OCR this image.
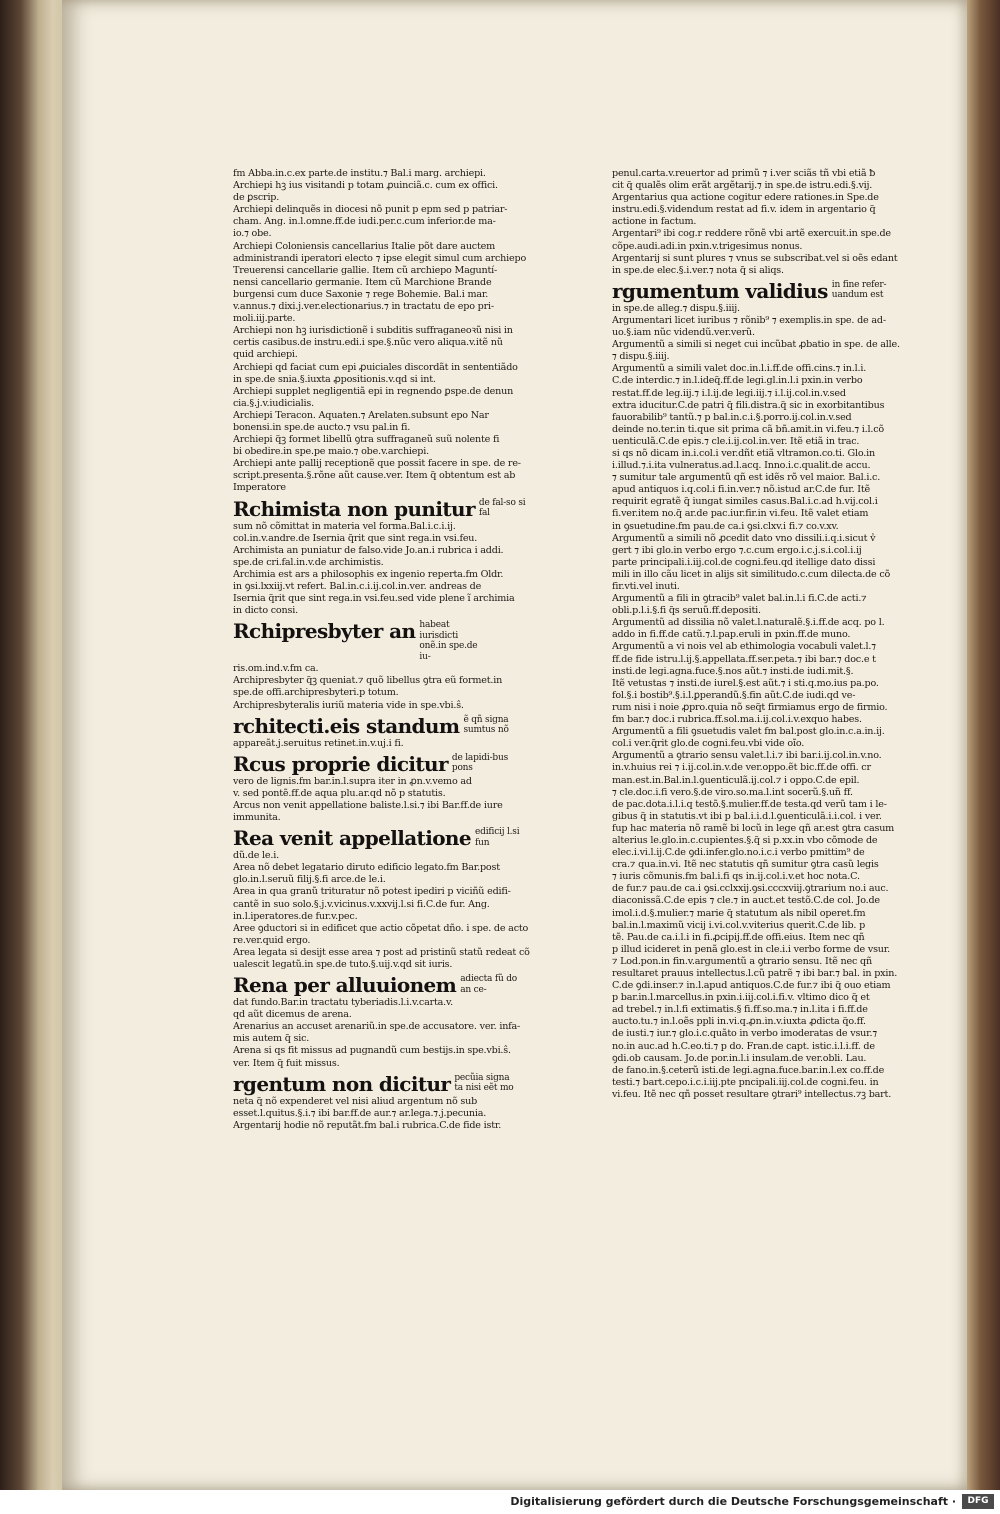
fm Abba.in.c.ex parte.de institu.⁊ Bal.i marg. archiepi.
Archiepi hꝫ ius visitandi p totam ꝓuinciã.c. cum ex offici.
de ꝑscrip.
Archiepi delinquẽs in diocesi nõ punit p epm sed p patriar-
cham. Ang. in.l.omne.ff.de iudi.per.c.cum inferior.de ma-
io.⁊ obe.
Archiepi Coloniensis cancellarius Italie põt dare auctem
administrandi iperatori electo ⁊ ipse elegit simul cum archiepo
Treuerensi cancellarie gallie. Item cũ archiepo Maguntí-
nensi cancellario germanie. Item cũ Marchione Brande
burgensi cum duce Saxonie ⁊ rege Bohemie. Bal.i mar.
v.annus.⁊ dixi.j.ver.electionarius.⁊ in tractatu de epo pri-
moli.iij.parte.
Archiepi non hꝫ iurisdictionẽ i subditis suffraganeoꝛũ nisi in
certis casibus.de instru.edi.i spe.§.nũc vero aliqua.v.itẽ nũ
quid archiepi.
Archiepi qd faciat cum epi ꝓuiciales discordãt in sententiãdo
in spe.de snia.§.iuxta ꝓpositionis.v.qd si int.
Archiepi supplet negligentiã epi in regnendo ꝑspe.de denun
cia.§.j.v.iudicialis.
Archiepi Teracon. Aquaten.⁊ Arelaten.subsunt epo Nar
bonensi.in spe.de aucto.⁊ vsu pal.in fi.
Archiepi q̃ꝫ formet libellũ ꝯtra suffraganeũ suũ nolente fi
bi obedire.in spe.pe maio.⁊ obe.v.archiepi.
Archiepi ante pallij receptionẽ que possit facere in spe. de re-
script.presenta.§.rõne aũt cause.ver. Item q̃ obtentum est ab
Imperatore
Rchimista non punitur de fal-so si fal
sum nõ cõmittat in materia vel forma.Bal.i.c.i.ij.
col.in.v.andre.de Isernia q̃rit que sint rega.in vsi.feu.
Archimista an puniatur de falso.vide Jo.an.i rubrica i addi.
spe.de cri.fal.in.v.de archimistis.
Archimia est ars a philosophis ex ingenio reperta.fm Oldr.
in ꝯsi.lxxiij.vt refert. Bal.in.c.i.ij.col.in.ver. andreas de
Isernia q̃rit que sint rega.in vsi.feu.sed vide plene ĩ archimia
in dicto consi.
Rchipresbyter an habeat iurisdicti onẽ.in spe.de iu-
ris.om.ind.v.fm ca.
Archipresbyter q̃ꝫ queniat.⁊ quõ libellus ꝯtra eũ formet.in
spe.de offi.archipresbyteri.p totum.
Archipresbyteralis iuriũ materia vide in spe.vbi.ŝ.
rchitecti.eis standum ẽ qñ signa sumtus nõ
appareãt.j.seruitus retinet.in.v.uj.i fi.
Rcus proprie dicitur de lapidi-bus pons
vero de lignis.fm bar.in.l.supra iter in ꝓn.v.vemo ad
v. sed pontẽ.ff.de aqua plu.ar.qd nõ p statutis.
Arcus non venit appellatione baliste.l.si.⁊ ibi Bar.ff.de iure
immunita.
Rea venit appellatione edificij l.si fun
dũ.de le.i.
Area nõ debet legatario diruto edificio legato.fm Bar.post
glo.in.l.seruũ filij.§.fi arce.de le.i.
Area in qua granũ trituratur nõ potest ipediri p viciñũ edifi-
cantẽ in suo solo.§.j.v.vicinus.v.xxvij.l.si fi.C.de fur. Ang.
in.l.iperatores.de fur.v.pec.
Aree ꝯductori si in edificet que actio cõpetat dño. i spe. de acto
re.ver.quid ergo.
Area legata si desijt esse area ⁊ post ad pristinũ statũ redeat cõ
ualescit legatũ.in spe.de tuto.§.uij.v.qd sit iuris.
Rena per alluuionem adiecta fũ do an ce-
dat fundo.Bar.in tractatu tyberiadis.l.i.v.carta.v.
qd aũt dicemus de arena.
Arenarius an accuset arenariũ.in spe.de accusatore. ver. infa-
mis autem q̃ sic.
Arena si qs fit missus ad pugnandũ cum bestijs.in spe.vbi.ŝ.
ver. Item q̃ fuit missus.
rgentum non dicitur pecũia signa ta nisi eẽt mo
neta q̃ nõ expenderet vel nisi aliud argentum nõ sub
esset.l.quitus.§.i.⁊ ibi bar.ff.de aur.⁊ ar.lega.⁊.j.pecunia.
Argentarij hodie nõ reputãt.fm bal.i rubrica.C.de fide istr.
penul.carta.v.reuertor ad primũ ⁊ i.ver sciãs tñ vbi etiã ƀ
cit q̃ qualẽs olim erãt argẽtarij.⁊ in spe.de istru.edi.§.vij.
Argentarius qua actione cogitur edere rationes.in Spe.de
instru.edi.§.videndum restat ad fi.v. idem in argentario q̃
actione in factum.
Argentari⁹ ibi cog.r reddere rõnẽ vbi artẽ exercuit.in spe.de
cõpe.audi.adi.in pxin.v.trigesimus nonus.
Argentarij si sunt plures ⁊ vnus se subscribat.vel si oẽs edant
in spe.de elec.§.i.ver.⁊ nota q̃ si aliqs.
rgumentum validius in fine refer-uandum est
in spe.de alleg.⁊ dispu.§.iiij.
Argumentari licet iuribus ⁊ rõnib⁹ ⁊ exemplis.in spe. de ad-
uo.§.iam nũc videndũ.ver.verũ.
Argumentũ a simili si neget cui incũbat ꝓbatio in spe. de alle.
⁊ dispu.§.iiij.
Argumentũ a simili valet doc.in.l.i.ff.de offi.cins.⁊ in.l.i.
C.de interdic.⁊ in.l.ideq̃.ff.de legi.gl.in.l.i pxin.in verbo
restat.ff.de leg.iij.⁊ i.l.ij.de legi.iij.⁊ i.l.ij.col.in.v.sed
extra iducitur.C.de patri q̃ fili.distra.q̃ sic in exorbitantibus
fauorabilib⁹ tantũ.⁊ p bal.in.c.i.§.porro.ij.col.in.v.sed
deinde no.ter.in ti.que sit prima cã bñ.amit.in vi.feu.⁊ i.l.cõ
uenticulã.C.de epis.⁊ cle.i.ij.col.in.ver. Itẽ etiã in trac.
si qs nõ dicam in.i.col.i ver.dñt etiã vltramon.co.ti. Glo.in
i.illud.⁊.i.ita vulneratus.ad.l.acq. Inno.i.c.qualit.de accu.
⁊ sumitur tale argumentũ qñ est idẽs rõ vel maior. Bal.i.c.
apud antiquos i.q.col.i fi.in.ver.⁊ nõ.istud ar.C.de fur. Itẽ
requirit egratẽ q̃ iungat similes casus.Bal.i.c.ad h.vij.col.i
fi.ver.item no.q̃ ar.de pac.iur.fir.in vi.feu. Itẽ valet etiam
in ꝯsuetudine.fm pau.de ca.i ꝯsi.clxv.i fi.⁊ co.v.xv.
Argumentũ a simili nõ ꝓcedit dato vno dissili.i.q.i.sicut v̾
gert ⁊ ibi glo.in verbo ergo ⁊.c.cum ergo.i.c.j.s.i.col.i.ij
parte principali.i.iij.col.de cogni.feu.qd itellige dato dissi
mili in illo cãu licet in alijs sit similitudo.c.cum dilecta.de cõ
fir.vti.vel inuti.
Argumentũ a fili in ꝯtracib⁹ valet bal.in.l.i fi.C.de acti.⁊
obli.p.l.i.§.fi q̃s seruũ.ff.depositi.
Argumentũ ad dissilia nõ valet.l.naturalẽ.§.i.ff.de acq. po l.
addo in fi.ff.de catũ.⁊.l.pap.eruli in pxin.ff.de muno.
Argumentũ a vi nois vel ab ethimologia vocabuli valet.l.⁊
ff.de fide istru.l.ij.§.appellata.ff.ser.peta.⁊ ibi bar.⁊ doc.e t
insti.de legi.agna.fuce.§.nos aũt.⁊ insti.de iudi.mit.§.
Itẽ vetustas ⁊ insti.de iurel.§.est aũt.⁊ i sti.q.mo.ius pa.po.
fol.§.i bostib⁹.§.i.l.ꝑperandũ.§.fin aũt.C.de iudi.qd ve-
rum nisi i noie ꝓpro.quia nõ seq̃t firmiamus ergo de firmio.
fm bar.⁊ doc.i rubrica.ff.sol.ma.i.ij.col.i.v.exquo habes.
Argumentũ a fili ꝯsuetudis valet fm bal.post glo.in.c.a.in.ij.
col.i ver.q̃rit glo.de cogni.feu.vbi vide oĩo.
Argumentũ a ꝯtrario sensu valet.l.i.⁊ ibi bar.i.ij.col.in.v.no.
in.v.huius rei ⁊ i.ij.col.in.v.de ver.oppo.ẽt bic.ff.de offi. cr
man.est.in.Bal.in.l.ꝯuenticulã.ij.col.⁊ i oppo.C.de epil.
⁊ cle.doc.i.fi vero.§.de viro.so.ma.l.int socerũ.§.uñ ff.
de pac.dota.i.l.i.q testõ.§.mulier.ff.de testa.qd verũ tam i le-
gibus q̃ in statutis.vt ibi p bal.i.i.d.l.ꝯuenticulã.i.i.col. i ver.
fup hac materia nõ ramẽ bi locũ in lege qñ ar.est ꝯtra casum
alterius le.glo.in.c.cupientes.§.q̃ si p.xx.in vbo cõmode de
elec.i.vi.l.ij.C.de ꝯdi.infer.glo.no.i.c.i verbo pmittim⁹ de
cra.⁊ qua.in.vi. Itẽ nec statutis qñ sumitur ꝯtra casũ legis
⁊ iuris cõmunis.fm bal.i.fi qs in.ij.col.i.v.et hoc nota.C.
de fur.⁊ pau.de ca.i ꝯsi.cclxxij.ꝯsi.cccxviij.ꝯtrarium no.i auc.
diaconissã.C.de epis ⁊ cle.⁊ in auct.et testõ.C.de col. Jo.de
imol.i.d.§.mulier.⁊ marie q̃ statutum als nibil operet.fm
bal.in.l.maximũ vicij i.vi.col.v.viterius querit.C.de lib. p
tẽ. Pau.de ca.i.l.i in fi.ꝓcipij.ff.de offi.eius. Item nec qñ
p illud icideret in penã glo.est in cle.i.i verbo forme de vsur.
⁊ Lod.pon.in fin.v.argumentũ a ꝯtrario sensu. Itẽ nec qñ
resultaret prauus intellectus.l.cũ patrẽ ⁊ ibi bar.⁊ bal. in pxin.
C.de ꝯdi.inser.⁊ in.l.apud antiquos.C.de fur.⁊ ibi q̃ ouo etiam
p bar.in.l.marcellus.in pxin.i.iij.col.i.fi.v. vltimo dico q̃ et
ad trebel.⁊ in.l.fi extimatis.§ fi.ff.so.ma.⁊ in.l.ita i fi.ff.de
aucto.tu.⁊ in.l.oẽs ppli in.vi.q.ꝓn.in.v.iuxta ꝓdicta q̃o.ff.
de iusti.⁊ iur.⁊ glo.i.c.quãto in verbo imoderatas de vsur.⁊
no.in auc.ad h.C.eo.ti.⁊ p do. Fran.de capt. istic.i.l.i.ff. de
ꝯdi.ob causam. Jo.de por.in.l.i insulam.de ver.obli. Lau.
de fano.in.§.ceterũ isti.de legi.agna.fuce.bar.in.l.ex co.ff.de
testi.⁊ bart.cepo.i.c.i.iij.pte pncipali.iij.col.de cogni.feu. in
vi.feu. Itẽ nec qñ posset resultare ꝯtrari⁹ intellectus.⁊ꝫ bart.
Digitalisierung gefördert durch die Deutsche Forschungsgemeinschaft ·	DFG
